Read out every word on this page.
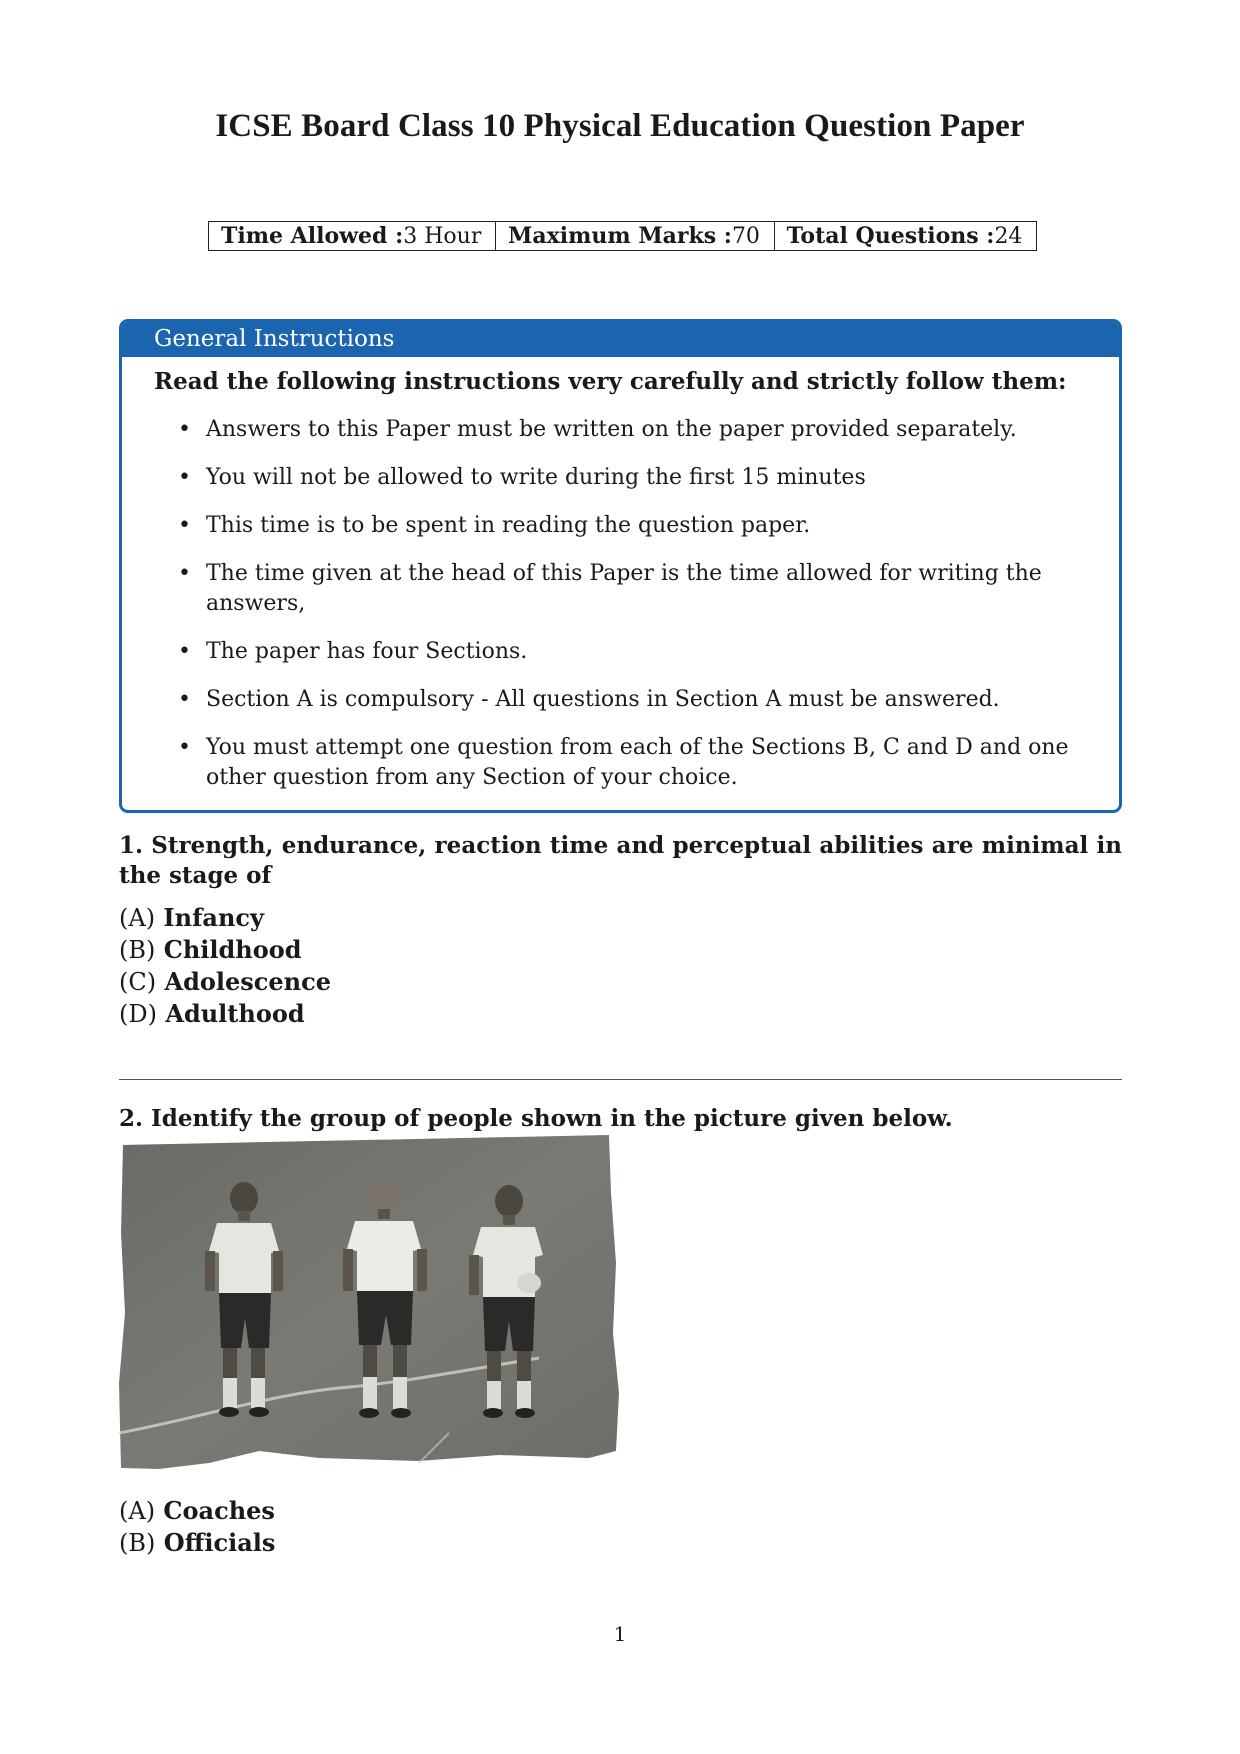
ICSE Board Class 10 Physical Education Question Paper
Time Allowed :3 Hour	Maximum Marks :70	Total Questions :24
General Instructions
Read the following instructions very carefully and strictly follow them:
• Answers to this Paper must be written on the paper provided separately.
• You will not be allowed to write during the first 15 minutes
• This time is to be spent in reading the question paper.
• The time given at the head of this Paper is the time allowed for writing the answers,
• The paper has four Sections.
• Section A is compulsory - All questions in Section A must be answered.
• You must attempt one question from each of the Sections B, C and D and one other question from any Section of your choice.
1. Strength, endurance, reaction time and perceptual abilities are minimal in the stage of
(A) Infancy
(B) Childhood
(C) Adolescence
(D) Adulthood
2. Identify the group of people shown in the picture given below.
(A) Coaches
(B) Officials
1
